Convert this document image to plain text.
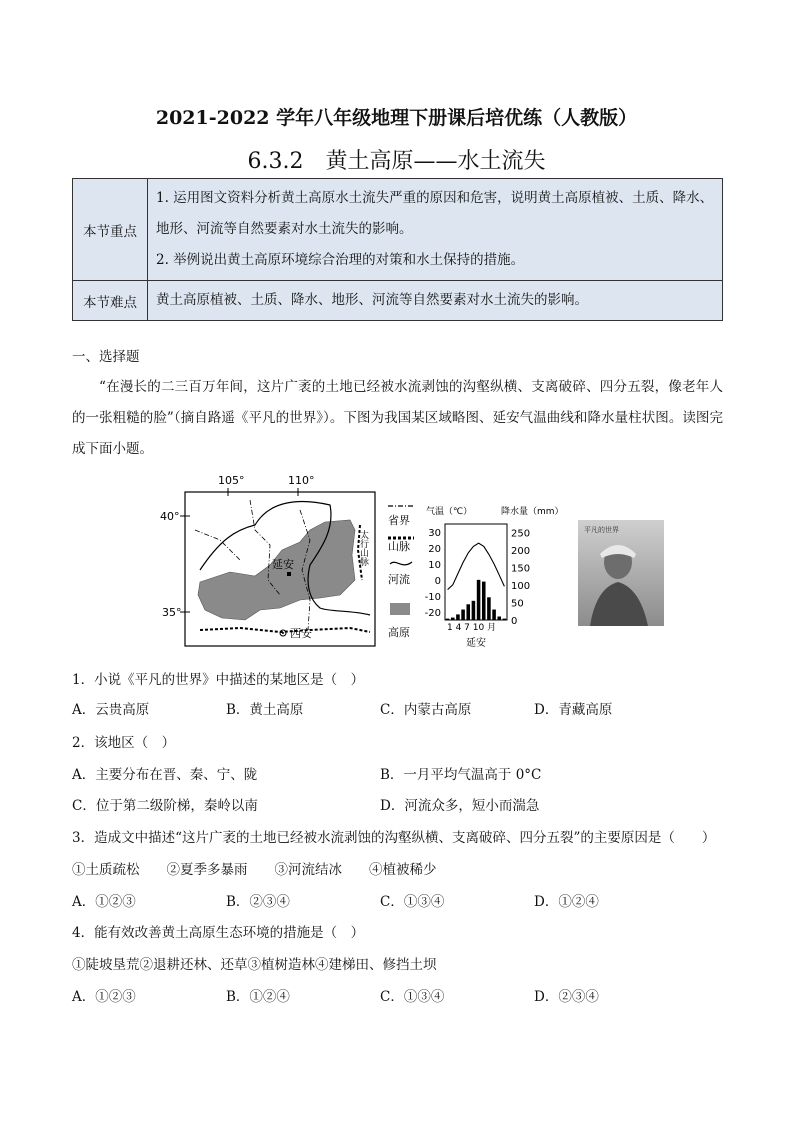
2021-2022 学年八年级地理下册课后培优练（人教版）
6.3.2　黄土高原——水土流失
本节重点	1. 运用图文资料分析黄土高原水土流失严重的原因和危害，说明黄土高原植被、土质、降水、地形、河流等自然要素对水土流失的影响。
2. 举例说出黄土高原环境综合治理的对策和水土保持的措施。

本节难点	黄土高原植被、土质、降水、地形、河流等自然要素对水土流失的影响。
一、选择题
“在漫长的二三百万年间，这片广袤的土地已经被水流剥蚀的沟壑纵横、支离破碎、四分五裂，像老年人的一张粗糙的脸”（摘自路遥《平凡的世界》）。下图为我国某区域略图、延安气温曲线和降水量柱状图。读图完成下面小题。
105°	110°
40°
35°
太行山脉
延安
西安
省界
山脉
河流
高原
气温（℃）	降水量（mm）
30
20
10
0
-10
-20
250
200
150
100
50
0
1 4 7 10 月
延安
平凡的世界
1．小说《平凡的世界》中描述的某地区是（　）
A．云贵高原	B．黄土高原	C．内蒙古高原	D．青藏高原
2．该地区（　）
A．主要分布在晋、秦、宁、陇	B．一月平均气温高于 0°C
C．位于第二级阶梯，秦岭以南	D．河流众多，短小而湍急
3．造成文中描述“这片广袤的土地已经被水流剥蚀的沟壑纵横、支离破碎、四分五裂”的主要原因是（　　）
①土质疏松　　②夏季多暴雨　　③河流结冰　　④植被稀少
A．①②③	B．②③④	C．①③④	D．①②④
4．能有效改善黄土高原生态环境的措施是（　）
①陡坡垦荒②退耕还林、还草③植树造林④建梯田、修挡土坝
A．①②③	B．①②④	C．①③④	D．②③④
